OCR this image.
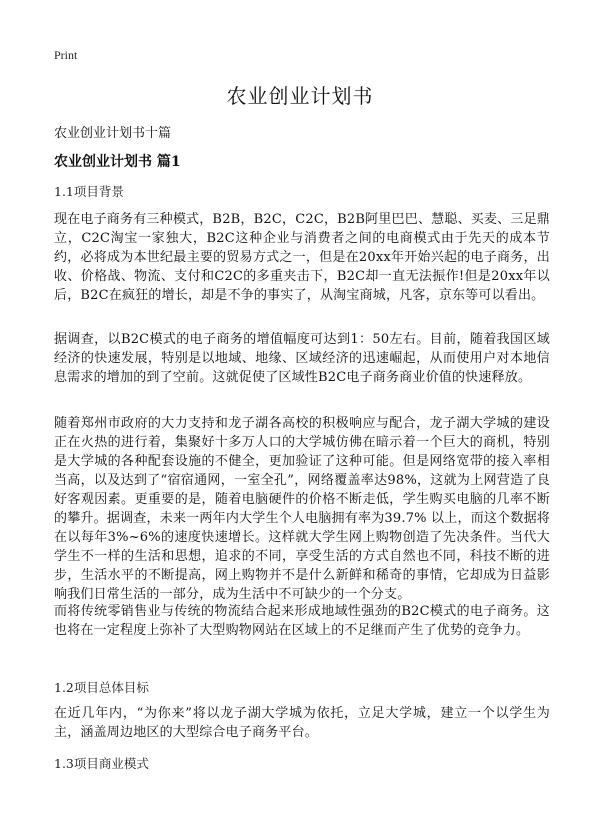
Print
农业创业计划书
农业创业计划书十篇
农业创业计划书 篇1
1.1项目背景
现在电子商务有三种模式，B2B，B2C，C2C，B2B阿里巴巴、慧聪、买麦、三足鼎立，C2C淘宝一家独大，B2C这种企业与消费者之间的电商模式由于先天的成本节约，必将成为本世纪最主要的贸易方式之一，但是在20xx年开始兴起的电子商务，出收、价格战、物流、支付和C2C的多重夹击下，B2C却一直无法振作!但是20xx年以后，B2C在疯狂的增长，却是不争的事实了，从淘宝商城，凡客，京东等可以看出。
据调查，以B2C模式的电子商务的增值幅度可达到1：50左右。目前，随着我国区域经济的快速发展，特别是以地域、地缘、区域经济的迅速崛起，从而使用户对本地信息需求的增加的到了空前。这就促使了区域性B2C电子商务商业价值的快速释放。
随着郑州市政府的大力支持和龙子湖各高校的积极响应与配合，龙子湖大学城的建设正在火热的进行着，集聚好十多万人口的大学城仿佛在暗示着一个巨大的商机，特别是大学城的各种配套设施的不健全，更加验证了这种可能。但是网络宽带的接入率相当高，以及达到了“宿宿通网，一室全孔”，网络覆盖率达98%，这就为上网营造了良好客观因素。更重要的是，随着电脑硬件的价格不断走低，学生购买电脑的几率不断的攀升。据调查，未来一两年内大学生个人电脑拥有率为39.7% 以上，而这个数据将在以每年3%~6%的速度快速增长。这样就大学生网上购物创造了先决条件。当代大学生不一样的生活和思想，追求的不同，享受生活的方式自然也不同，科技不断的进步，生活水平的不断提高，网上购物并不是什么新鲜和稀奇的事情，它却成为日益影响我们日常生活的一部分，成为生活中不可缺少的一个分支。
而将传统零销售业与传统的物流结合起来形成地域性强劲的B2C模式的电子商务。这也将在一定程度上弥补了大型购物网站在区域上的不足继而产生了优势的竞争力。
1.2项目总体目标
在近几年内，“为你来”将以龙子湖大学城为依托，立足大学城，建立一个以学生为主，涵盖周边地区的大型综合电子商务平台。
1.3项目商业模式
